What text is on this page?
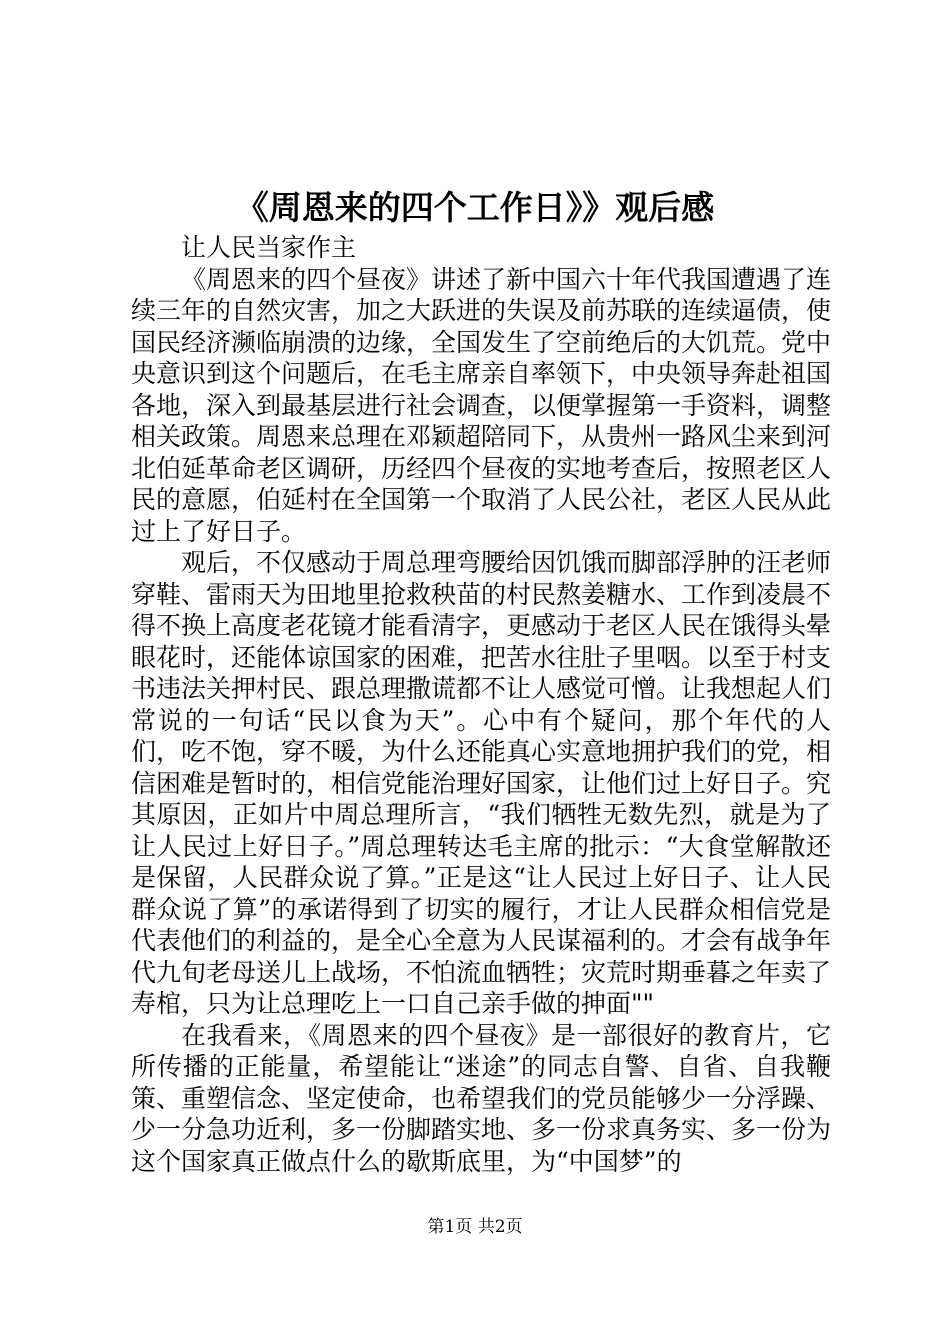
《周恩来的四个工作日》》观后感

让人民当家作主

《周恩来的四个昼夜》讲述了新中国六十年代我国遭遇了连续三年的自然灾害，加之大跃进的失误及前苏联的连续逼债，使国民经济濒临崩溃的边缘，全国发生了空前绝后的大饥荒。党中央意识到这个问题后，在毛主席亲自率领下，中央领导奔赴祖国各地，深入到最基层进行社会调查，以便掌握第一手资料，调整相关政策。周恩来总理在邓颖超陪同下，从贵州一路风尘来到河北伯延革命老区调研，历经四个昼夜的实地考查后，按照老区人民的意愿，伯延村在全国第一个取消了人民公社，老区人民从此过上了好日子。

观后，不仅感动于周总理弯腰给因饥饿而脚部浮肿的汪老师穿鞋、雷雨天为田地里抢救秧苗的村民熬姜糖水、工作到凌晨不得不换上高度老花镜才能看清字，更感动于老区人民在饿得头晕眼花时，还能体谅国家的困难，把苦水往肚子里咽。以至于村支书违法关押村民、跟总理撒谎都不让人感觉可憎。让我想起人们常说的一句话“民以食为天”。心中有个疑问，那个年代的人们，吃不饱，穿不暖，为什么还能真心实意地拥护我们的党，相信困难是暂时的，相信党能治理好国家，让他们过上好日子。究其原因，正如片中周总理所言，“我们牺牲无数先烈，就是为了让人民过上好日子。”周总理转达毛主席的批示：“大食堂解散还是保留，人民群众说了算。”正是这“让人民过上好日子、让人民群众说了算”的承诺得到了切实的履行，才让人民群众相信党是代表他们的利益的，是全心全意为人民谋福利的。才会有战争年代九旬老母送儿上战场，不怕流血牺牲；灾荒时期垂暮之年卖了寿棺，只为让总理吃上一口自己亲手做的抻面""

在我看来，《周恩来的四个昼夜》是一部很好的教育片，它所传播的正能量，希望能让“迷途”的同志自警、自省、自我鞭策、重塑信念、坚定使命，也希望我们的党员能够少一分浮躁、少一分急功近利，多一份脚踏实地、多一份求真务实、多一份为这个国家真正做点什么的歇斯底里，为“中国梦”的

第1页 共2页
